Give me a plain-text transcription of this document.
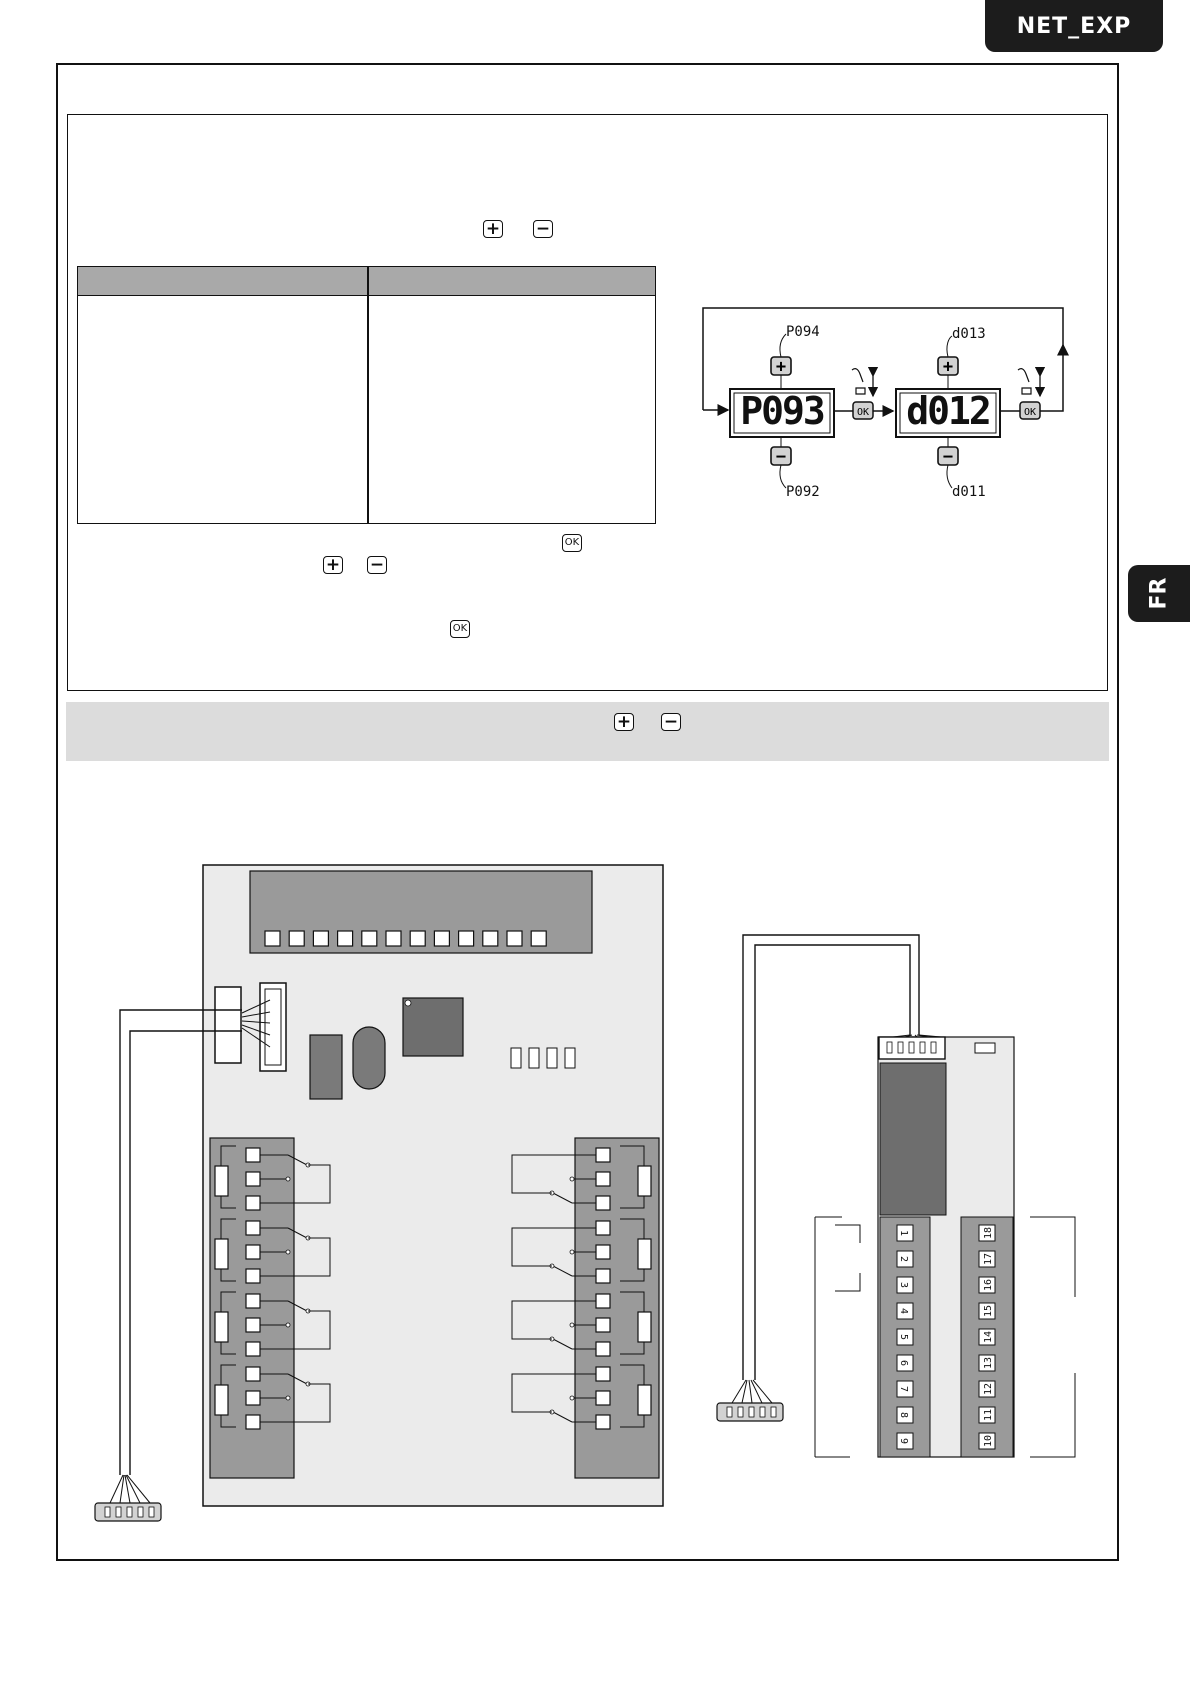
NET_EXP
FR
+ −
OK
+ −
OK
+ −
P093
+
−
P094
P092
OK d012
+
−
d013
d011
OK
1
2
3
4
5
6
7
8
9
18
17
16
15
14
13
12
11
10
